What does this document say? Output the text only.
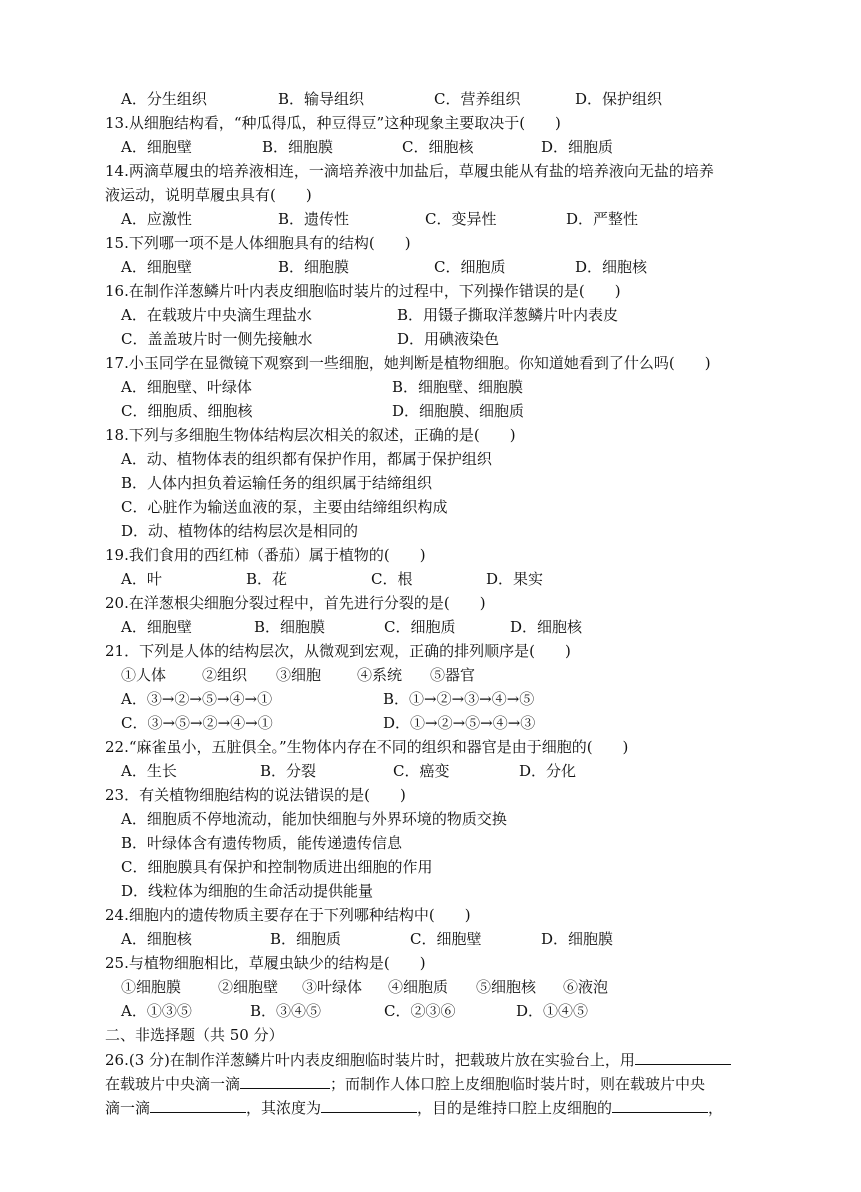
A．分生组织	B．输导组织	C．营养组织	D．保护组织
13.从细胞结构看，“种瓜得瓜，种豆得豆”这种现象主要取决于(　　)
A．细胞壁	B．细胞膜	C．细胞核	D．细胞质
14.两滴草履虫的培养液相连，一滴培养液中加盐后，草履虫能从有盐的培养液向无盐的培养
液运动，说明草履虫具有(　　)
A．应激性	B．遗传性	C．变异性	D．严整性
15.下列哪一项不是人体细胞具有的结构(　　)
A．细胞壁	B．细胞膜	C．细胞质	D．细胞核
16.在制作洋葱鳞片叶内表皮细胞临时装片的过程中，下列操作错误的是(　　)
A．在载玻片中央滴生理盐水	B．用镊子撕取洋葱鳞片叶内表皮
C．盖盖玻片时一侧先接触水	D．用碘液染色
17.小玉同学在显微镜下观察到一些细胞，她判断是植物细胞。你知道她看到了什么吗(　　)
A．细胞壁、叶绿体	B．细胞壁、细胞膜
C．细胞质、细胞核	D．细胞膜、细胞质
18.下列与多细胞生物体结构层次相关的叙述，正确的是(　　)
A．动、植物体表的组织都有保护作用，都属于保护组织
B．人体内担负着运输任务的组织属于结缔组织
C．心脏作为输送血液的泵，主要由结缔组织构成
D．动、植物体的结构层次是相同的
19.我们食用的西红柿（番茄）属于植物的(　　)
A．叶	B．花	C．根	D．果实
20.在洋葱根尖细胞分裂过程中，首先进行分裂的是(　　)
A．细胞壁	B．细胞膜	C．细胞质	D．细胞核
21．下列是人体的结构层次，从微观到宏观，正确的排列顺序是(　　)
①人体 ②组织 ③细胞 ④系统 ⑤器官
A．③→②→⑤→④→①	B．①→②→③→④→⑤
C．③→⑤→②→④→①	D．①→②→⑤→④→③
22.“麻雀虽小，五脏俱全。”生物体内存在不同的组织和器官是由于细胞的(　　)
A．生长	B．分裂	C．癌变	D．分化
23．有关植物细胞结构的说法错误的是(　　)
A．细胞质不停地流动，能加快细胞与外界环境的物质交换
B．叶绿体含有遗传物质，能传递遗传信息
C．细胞膜具有保护和控制物质进出细胞的作用
D．线粒体为细胞的生命活动提供能量
24.细胞内的遗传物质主要存在于下列哪种结构中(　　)
A．细胞核	B．细胞质	C．细胞壁	D．细胞膜
25.与植物细胞相比，草履虫缺少的结构是(　　)
①细胞膜 ②细胞壁 ③叶绿体 ④细胞质 ⑤细胞核 ⑥液泡
A．①③⑤	B．③④⑤	C．②③⑥	D．①④⑤
二、非选择题（共 50 分）
26.(3 分)在制作洋葱鳞片叶内表皮细胞临时装片时，把载玻片放在实验台上，用
在载玻片中央滴一滴	；而制作人体口腔上皮细胞临时装片时，则在载玻片中央
滴一滴	，其浓度为	，目的是维持口腔上皮细胞的	，
